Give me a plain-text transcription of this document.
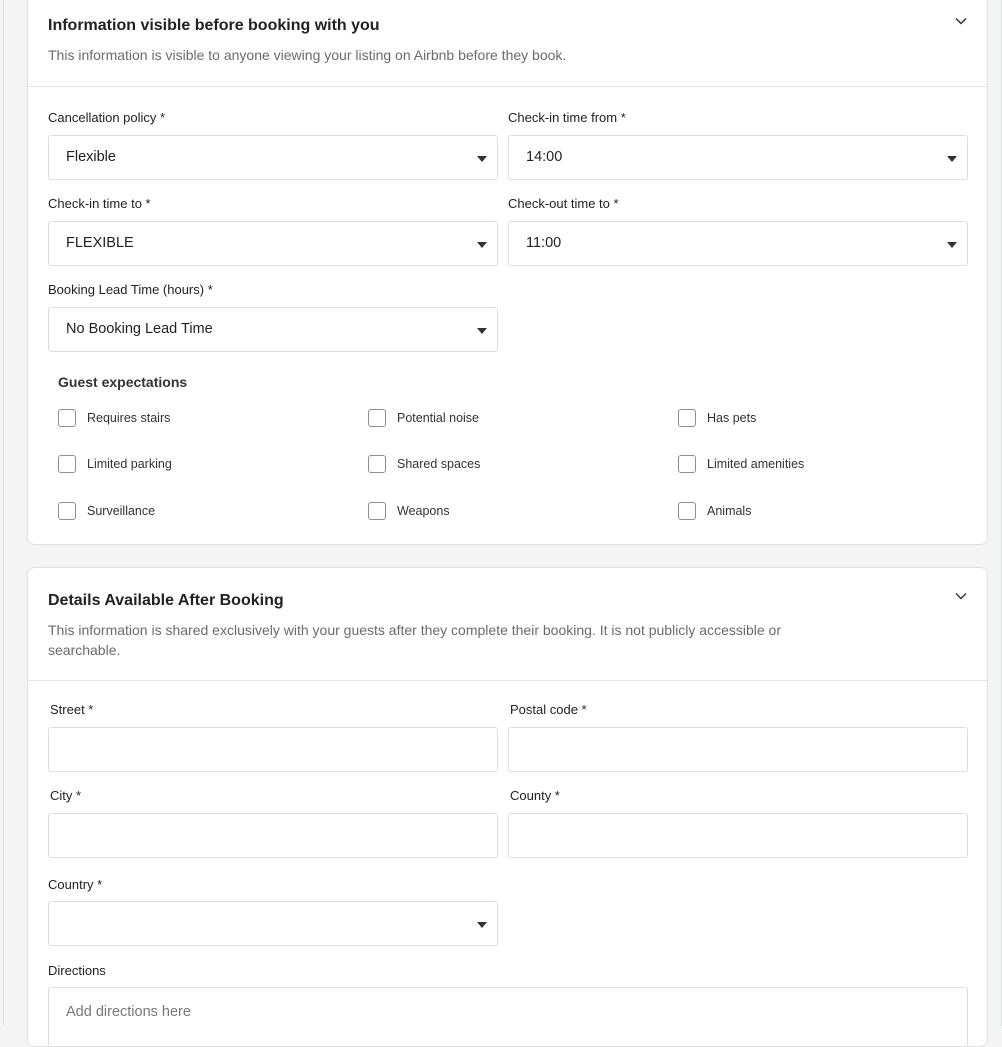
Information visible before booking with you
This information is visible to anyone viewing your listing on Airbnb before they book.
Cancellation policy *
Flexible
Check-in time from *
14:00
Check-in time to *
FLEXIBLE
Check-out time to *
11:00
Booking Lead Time (hours) *
No Booking Lead Time
Guest expectations
Requires stairs	Potential noise	Has pets
Limited parking	Shared spaces	Limited amenities
Surveillance	Weapons	Animals
Details Available After Booking
This information is shared exclusively with your guests after they complete their booking. It is not publicly accessible or
searchable.
Street *	Postal code *
City *	County *
Country *
Directions
Add directions here
